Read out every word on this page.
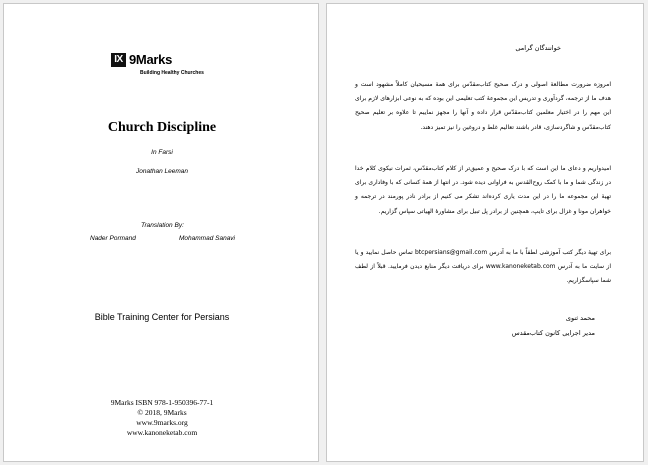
IX 9Marks
Building Healthy Churches
Church Discipline
In Farsi
Jonathan Leeman
Translation By:
Nader Pormand	Mohammad Sanavi
Bible Training Center for Persians
9Marks ISBN 978-1-950396-77-1
© 2018, 9Marks
www.9marks.org
www.kanoneketab.com
خوانندگان گرامی

امروزه ضرورت مطالعهٔ اصولی و درک صحیح کتاب‌مقدّس برای همهٔ مسیحیان کاملاً مشهود است و هدف ما از ترجمه، گردآوری و تدریس این مجموعهٔ کتب تعلیمی این بوده که به نوعی ابزارهای لازم برای این مهم را در اختیار معلمین کتاب‌مقدّس قرار داده و آنها را مجهز نماییم تا علاوه بر تعلیم صحیح کتاب‌مقدّس و شاگردسازی، قادر باشند تعالیم غلط و دروغین را نیز تمیز دهند.

امیدواریم و دعای ما این است که با درک صحیح و عمیق‌تر از کلام کتاب‌مقدّس، ثمرات نیکوی کلام خدا در زندگی شما و ما با کمک روح‌القدس به فراوانی دیده شود. در انتها از همهٔ کسانی که با وفاداری برای تهیهٔ این مجموعه ما را در این مدت یاری کرده‌اند تشکر می کنیم از برادر نادر پورمند در ترجمه و خواهران مونا و غزال برای تایپ، همچنین از برادر پل تبیل برای مشاورهٔ الهیاتی سپاس گزاریم.

برای تهیهٔ دیگر کتب آموزشی لطفاً با ما به آدرس btcpersians@gmail.com تماس حاصل نمایید و یا از سایت ما به آدرس www.kanoneketab.com برای دریافت دیگر منابع دیدن فرمایید. قبلاً از لطف شما سپاسگزاریم.

محمد ثنوی
مدیر اجرایی کانون کتاب‌مقدس
